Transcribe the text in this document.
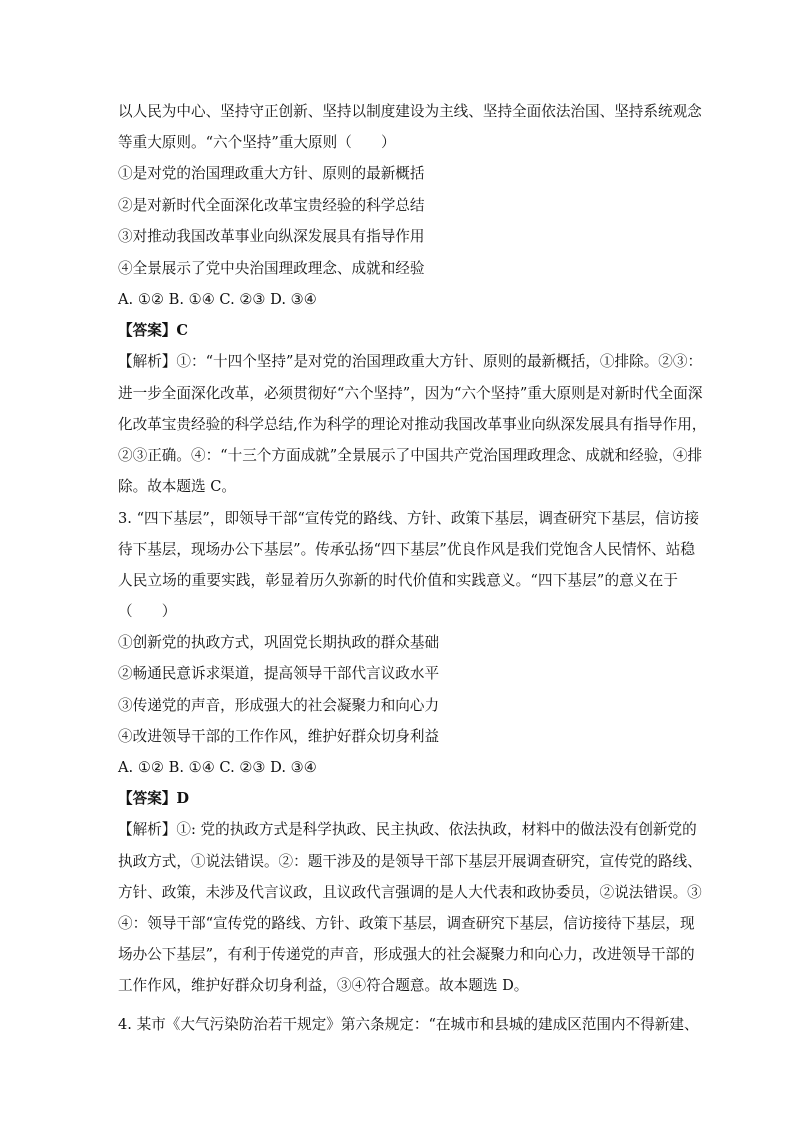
以人民为中心、坚持守正创新、坚持以制度建设为主线、坚持全面依法治国、坚持系统观念
等重大原则。“六个坚持”重大原则（　　）
①是对党的治国理政重大方针、原则的最新概括
②是对新时代全面深化改革宝贵经验的科学总结
③对推动我国改革事业向纵深发展具有指导作用
④全景展示了党中央治国理政理念、成就和经验
A. ①② B. ①④ C. ②③ D. ③④
【答案】C
【解析】①：“十四个坚持”是对党的治国理政重大方针、原则的最新概括，①排除。②③：
进一步全面深化改革，必须贯彻好“六个坚持”，因为“六个坚持”重大原则是对新时代全面深
化改革宝贵经验的科学总结,作为科学的理论对推动我国改革事业向纵深发展具有指导作用，
②③正确。④：“十三个方面成就”全景展示了中国共产党治国理政理念、成就和经验，④排
除。故本题选 C。
3. “四下基层”，即领导干部“宣传党的路线、方针、政策下基层，调查研究下基层，信访接
待下基层，现场办公下基层”。传承弘扬“四下基层”优良作风是我们党饱含人民情怀、站稳
人民立场的重要实践，彰显着历久弥新的时代价值和实践意义。“四下基层”的意义在于
（　　）
①创新党的执政方式，巩固党长期执政的群众基础
②畅通民意诉求渠道，提高领导干部代言议政水平
③传递党的声音，形成强大的社会凝聚力和向心力
④改进领导干部的工作作风，维护好群众切身利益
A. ①② B. ①④ C. ②③ D. ③④
【答案】D
【解析】①: 党的执政方式是科学执政、民主执政、依法执政，材料中的做法没有创新党的
执政方式，①说法错误。②：题干涉及的是领导干部下基层开展调查研究，宣传党的路线、
方针、政策，未涉及代言议政，且议政代言强调的是人大代表和政协委员，②说法错误。③
④：领导干部“宣传党的路线、方针、政策下基层，调查研究下基层，信访接待下基层，现
场办公下基层”，有利于传递党的声音，形成强大的社会凝聚力和向心力，改进领导干部的
工作作风，维护好群众切身利益，③④符合题意。故本题选 D。
4. 某市《大气污染防治若干规定》第六条规定：“在城市和县城的建成区范围内不得新建、
